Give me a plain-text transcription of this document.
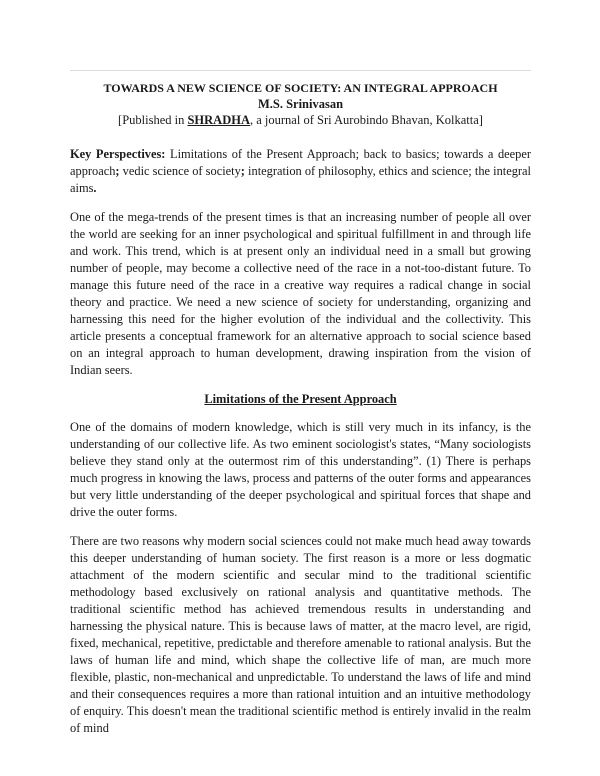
TOWARDS A NEW SCIENCE OF SOCIETY: AN INTEGRAL APPROACH
M.S. Srinivasan
[Published in SHRADHA, a journal of Sri Aurobindo Bhavan, Kolkatta]

Key Perspectives: Limitations of the Present Approach; back to basics; towards a deeper approach; vedic science of society; integration of philosophy, ethics and science; the integral aims.

One of the mega-trends of the present times is that an increasing number of people all over the world are seeking for an inner psychological and spiritual fulfillment in and through life and work. This trend, which is at present only an individual need in a small but growing number of people, may become a collective need of the race in a not-too-distant future. To manage this future need of the race in a creative way requires a radical change in social theory and practice. We need a new science of society for understanding, organizing and harnessing this need for the higher evolution of the individual and the collectivity. This article presents a conceptual framework for an alternative approach to social science based on an integral approach to human development, drawing inspiration from the vision of Indian seers.

Limitations of the Present Approach

One of the domains of modern knowledge, which is still very much in its infancy, is the understanding of our collective life. As two eminent sociologist's states, “Many sociologists believe they stand only at the outermost rim of this understanding”. (1) There is perhaps much progress in knowing the laws, process and patterns of the outer forms and appearances but very little understanding of the deeper psychological and spiritual forces that shape and drive the outer forms.

There are two reasons why modern social sciences could not make much head away towards this deeper understanding of human society. The first reason is a more or less dogmatic attachment of the modern scientific and secular mind to the traditional scientific methodology based exclusively on rational analysis and quantitative methods. The traditional scientific method has achieved tremendous results in understanding and harnessing the physical nature. This is because laws of matter, at the macro level, are rigid, fixed, mechanical, repetitive, predictable and therefore amenable to rational analysis. But the laws of human life and mind, which shape the collective life of man, are much more flexible, plastic, non-mechanical and unpredictable. To understand the laws of life and mind and their consequences requires a more than rational intuition and an intuitive methodology of enquiry. This doesn't mean the traditional scientific method is entirely invalid in the realm of mind
